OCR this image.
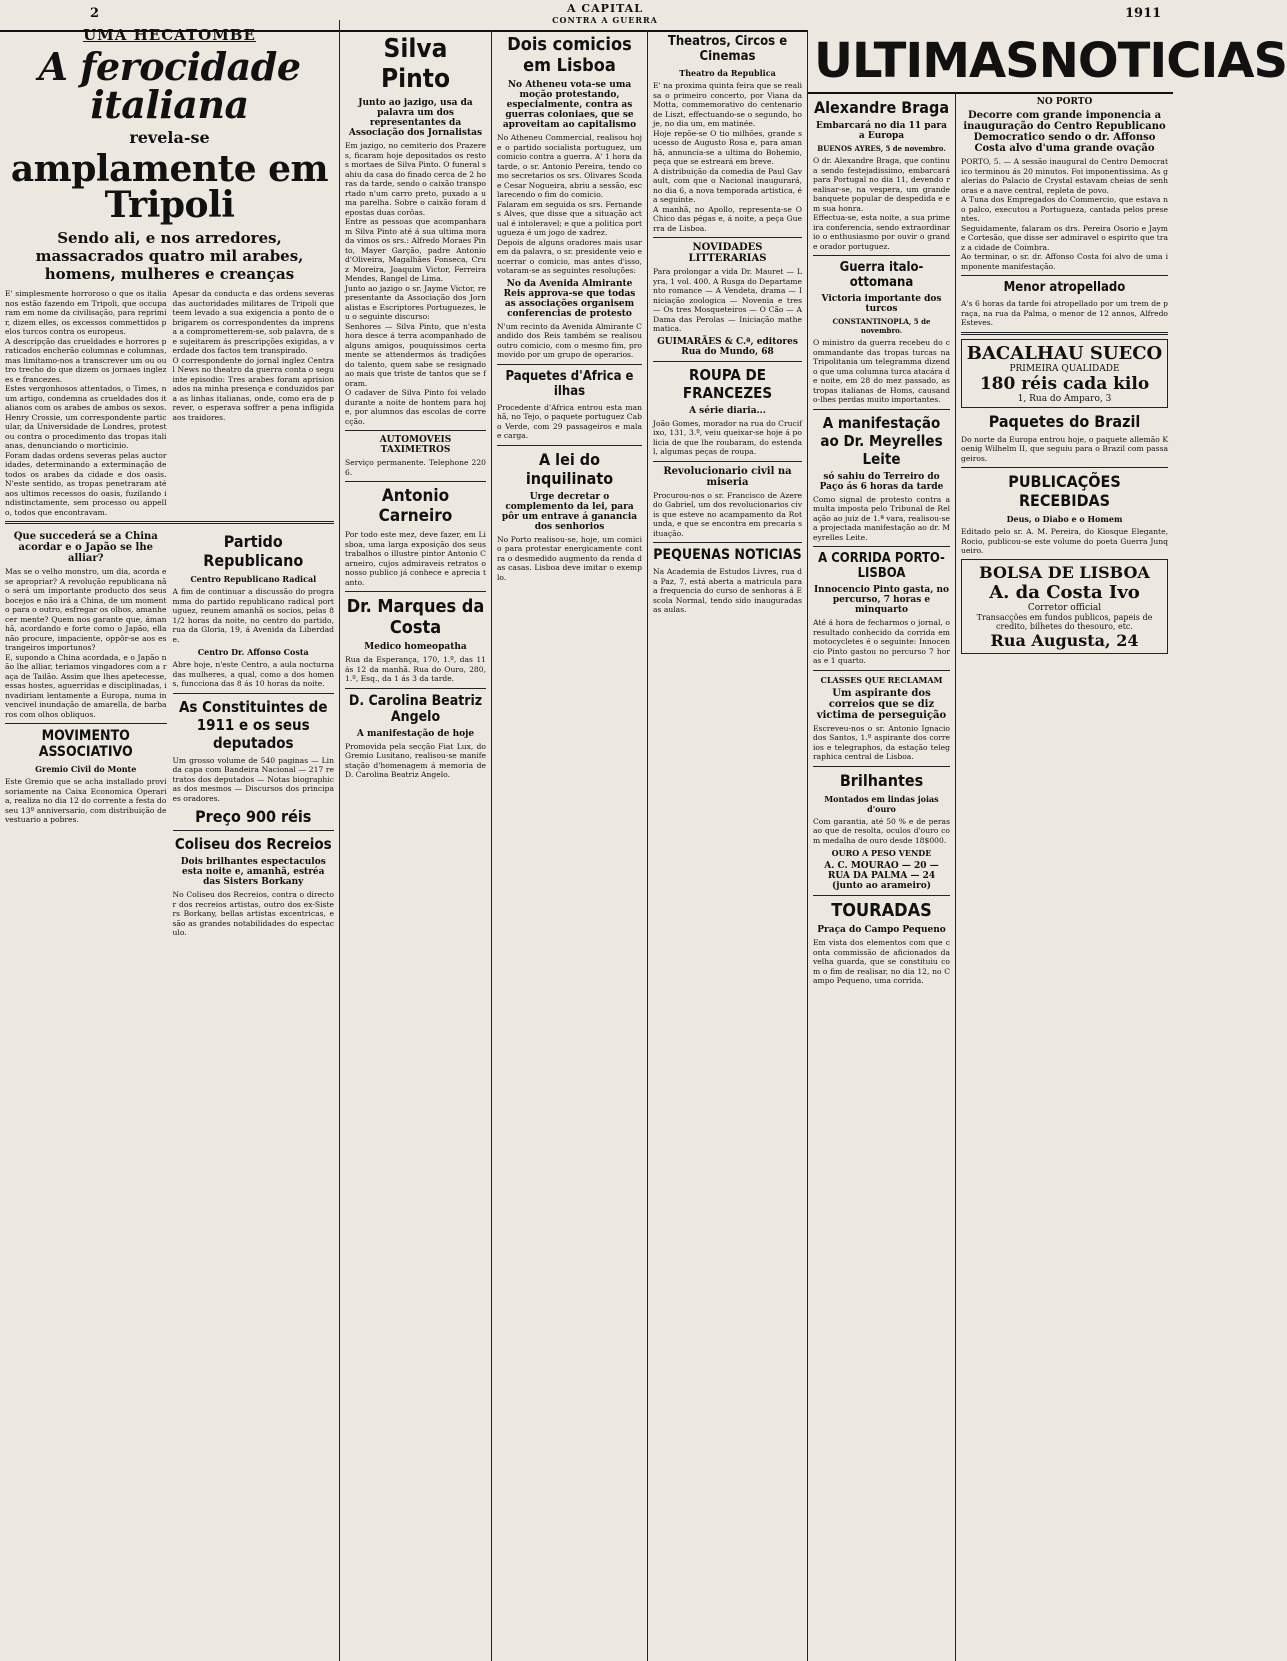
2	A CAPITAL
CONTRA A GUERRA	1911
UMA HECATOMBE
A ferocidade italiana
revela-se
amplamente em Tripoli
Sendo ali, e nos arredores, massacrados quatro mil arabes, homens, mulheres e creanças

E' simplesmente horroroso o que os italianos estão fazendo em Tripoli, que occuparam em nome da civilisação, para reprimir, dizem elles, os excessos commettidos pelos turcos contra os europeus.

A descripção das crueldades e horrores praticados encherão columnas e columnas, mas limitamo-nos a transcrever um ou outro trecho do que dizem os jornaes inglezes e francezes.

Estes vergonhosos attentados, o Times, num artigo, condemna as crueldades dos italianos com os arabes de ambos os sexos. Henry Crossie, um correspondente particular, da Universidade de Londres, protestou contra o procedimento das tropas italianas, denunciando o morticinio.

Foram dadas ordens severas pelas auctoridades, determinando a exterminação de todos os arabes da cidade e dos oasis. N'este sentido, as tropas penetraram até aos ultimos recessos do oasis, fuzilando indistinctamente, sem processo ou appello, todos que encontravam.

Apesar da conducta e das ordens severas das auctoridades militares de Tripoli que teem levado a sua exigencia a ponto de obrigarem os correspondentes da imprensa a comprometterem-se, sob palavra, de se sujeitarem ás prescripções exigidas, a verdade dos factos tem transpirado.

O correspondente do jornal inglez Central News no theatro da guerra conta o seguinte episodio: Tres arabes foram aprisionados na minha presença e conduzidos para as linhas italianas, onde, como era de prever, o esperava soffrer a pena infligida aos traidores.

Que succederá se a China acordar e o Japão se lhe alliar?

Mas se o velho monstro, um dia, acorda e se apropriar? A revolução republicana não será um importante producto dos seus bocejos e não irá a China, de um momento para o outro, esfregar os olhos, amanhecer mente? Quem nos garante que, ámanhã, acordando e forte como o Japão, ella não procure, impaciente, oppôr-se aos estrangeiros importunos?

E, supondo a China acordada, e o Japão não lhe alliar, teriamos vingadores com a raça de Tailão. Assim que lhes apetecesse, essas hostes, aguerridas e disciplinadas, invadiriam lentamente a Europa, numa invencivel inundação de amarella, de barbaros com olhos obliquos.

MOVIMENTO ASSOCIATIVO
Gremio Civil do Monte

Este Gremio que se acha installado provisoriamente na Caixa Economica Operaria, realiza no dia 12 do corrente a festa do seu 13º anniversario, com distribuição de vestuario a pobres.

Partido Republicano
Centro Republicano Radical

A fim de continuar a discussão do programma do partido republicano radical portuguez, reunem amanhã os socios, pelas 8 1/2 horas da noite, no centro do partido, rua da Gloria, 19, á Avenida da Liberdade.

Centro Dr. Affonso Costa

Abre hoje, n'este Centro, a aula nocturna das mulheres, a qual, como a dos homens, funcciona das 8 ás 10 horas da noite.

As Constituintes de 1911 e os seus deputados

Um grosso volume de 540 paginas — Linda capa com Bandeira Nacional — 217 retratos dos deputados — Notas biographicas dos mesmos — Discursos dos principaes oradores.

Preço 900 réis
Coliseu dos Recreios
Dois brilhantes espectaculos esta noite e, amanhã, estréa das Sisters Borkany

No Coliseu dos Recreios, contra o director dos recreios artistas, outro dos ex-Sisters Borkany, bellas artistas excentricas, e são as grandes notabilidades do espectaculo.

Silva Pinto
Junto ao jazigo, usa da palavra um dos representantes da Associação dos Jornalistas

Em jazigo, no cemiterio dos Prazeres, ficaram hoje depositados os restos mortaes de Silva Pinto. O funeral sahiu da casa do finado cerca de 2 horas da tarde, sendo o caixão transportado n'um carro preto, puxado a uma parelha. Sobre o caixão foram depostas duas corôas.

Entre as pessoas que acompanharam Silva Pinto até á sua ultima morada vimos os srs.: Alfredo Moraes Pinto, Mayer Garção, padre Antonio d'Oliveira, Magalhães Fonseca, Cruz Moreira, Joaquim Victor, Ferreira Mendes, Rangel de Lima.

Junto ao jazigo o sr. Jayme Victor, representante da Associação dos Jornalistas e Escriptores Portuguezes, leu o seguinte discurso:

Senhores — Silva Pinto, que n'esta hora desce á terra acompanhado de alguns amigos, pouquissimos certamente se attendermos ás tradições do talento, quem sabe se resignado ao mais que triste de tantos que se foram.

O cadaver de Silva Pinto foi velado durante a noite de hontem para hoje, por alumnos das escolas de correcção.

AUTOMOVEIS TAXIMETROS

Serviço permanente. Telephone 2206.

Antonio Carneiro

Por todo este mez, deve fazer, em Lisboa, uma larga exposição dos seus trabalhos o illustre pintor Antonio Carneiro, cujos admiraveis retratos o nosso publico já conhece e aprecia tanto.

Dr. Marques da Costa
Medico homeopatha

Rua da Esperança, 170, 1.º, das 11 ás 12 da manhã. Rua do Ouro, 280, 1.º, Esq., da 1 ás 3 da tarde.

D. Carolina Beatriz Angelo
A manifestação de hoje

Promovida pela secção Fiat Lux, do Gremio Lusitano, realisou-se manifestação d'homenagem á memoria de D. Carolina Beatriz Angelo.

Dois comicios em Lisboa
No Atheneu vota-se uma moção protestando, especialmente, contra as guerras coloniaes, que se aproveitam ao capitalismo

No Atheneu Commercial, realisou hoje o partido socialista portuguez, um comicio contra a guerra. A' 1 hora da tarde, o sr. Antonio Pereira, tendo como secretarios os srs. Olivares Scoda e Cesar Nogueira, abriu a sessão, esclarecendo o fim do comicio.

Falaram em seguida os srs. Fernandes Alves, que disse que a situação actual é intoleravel; e que a politica portugueza é um jogo de xadrez.

Depois de alguns oradores mais usarem da palavra, o sr. presidente veio encerrar o comicio, mas antes d'isso, votaram-se as seguintes resoluções:

No da Avenida Almirante Reis approva-se que todas as associações organisem conferencias de protesto

N'um recinto da Avenida Almirante Candido dos Reis também se realisou outro comicio, com o mesmo fim, promovido por um grupo de operarios.

Paquetes d'Africa e ilhas

Procedente d'Africa entrou esta manhã, no Tejo, o paquete portuguez Cabo Verde, com 29 passageiros e mala e carga.

A lei do inquilinato
Urge decretar o complemento da lei, para pôr um entrave á ganancia dos senhorios

No Porto realisou-se, hoje, um comicio para protestar energicamente contra o desmedido augmento da renda das casas. Lisboa deve imitar o exemplo.

Theatros, Circos e Cinemas
Theatro da Republica

E' na proxima quinta feira que se realisa o primeiro concerto, por Viana da Motta, commemorativo do centenario de Liszt, effectuando-se o segundo, hoje, no dia um, em matinée.

Hoje repõe-se O tio milhões, grande sucesso de Augusto Rosa e, para amanhã, annuncia-se a ultima do Bohemio, peça que se estreará em breve.

A distribuição da comedia de Paul Gavault, com que o Nacional inaugurará, no dia 6, a nova temporada artistica, é a seguinte.

A manhã, no Apollo, representa-se O Chico das pégas e, á noite, a peça Guerra de Lisboa.

NOVIDADES LITTERARIAS

Para prolongar a vida Dr. Mauret — Lyra, 1 vol. 400. A Rusga do Departamento romance — A Vendeta, drama — Iniciação zoologica — Novenia e tres — Os tres Mosqueteiros — O Cão — A Dama das Perolas — Iniciação mathematica.

GUIMARÃES & C.ª, editores Rua do Mundo, 68
ROUPA DE FRANCEZES
A série diaria...

João Gomes, morador na rua do Crucifixo, 131, 3.º, veiu queixar-se hoje á policia de que lhe roubaram, do estendal, algumas peças de roupa.

Revolucionario civil na miseria

Procurou-nos o sr. Francisco de Azeredo Gabriel, um dos revolucionarios civis que esteve no acampamento da Rotunda, e que se encontra em precaria situação.

PEQUENAS NOTICIAS

Na Academia de Estudos Livres, rua da Paz, 7, está aberta a matricula para a frequencia do curso de senhoras á Escola Normal, tendo sido inauguradas as aulas.

ULTIMAS NOTICIAS
Alexandre Braga
Embarcará no dia 11 para a Europa
BUENOS AYRES, 5 de novembro.

O dr. Alexandre Braga, que continua sendo festejadissimo, embarcará para Portugal no dia 11, devendo realisar-se, na vespera, um grande banquete popular de despedida e em sua honra.

Effectua-se, esta noite, a sua primeira conferencia, sendo extraordinario o enthusiasmo por ouvir o grande orador portuguez.

Guerra italo-ottomana
Victoria importante dos turcos
CONSTANTINOPLA, 5 de novembro.

O ministro da guerra recebeu do commandante das tropas turcas na Tripolitania um telegramma dizendo que uma columna turca atacára de noite, em 28 do mez passado, as tropas italianas de Homs, causando-lhes perdas muito importantes.

A manifestação ao Dr. Meyrelles Leite
só sahiu do Terreiro do Paço ás 6 horas da tarde

Como signal de protesto contra a multa imposta pelo Tribunal de Relação ao juiz de 1.ª vara, realisou-se a projectada manifestação ao dr. Meyrelles Leite.

A CORRIDA PORTO-LISBOA
Innocencio Pinto gasta, no percurso, 7 horas e minquarto

Até á hora de fecharmos o jornal, o resultado conhecido da corrida em motocycletes é o seguinte: Innocencio Pinto gastou no percurso 7 horas e 1 quarto.

CLASSES QUE RECLAMAM
Um aspirante dos correios que se diz victima de perseguição

Escreveu-nos o sr. Antonio Ignacio dos Santos, 1.º aspirante dos correios e telegraphos, da estação telegraphica central de Lisboa.

Brilhantes
Montados em lindas joias d'ouro

Com garantia, até 50 % e de peras ao que de resolta, oculos d'ouro com medalha de ouro desde 18$000.

OURO A PESO VENDE
A. C. MOURAO — 20 — RUA DA PALMA — 24 (junto ao arameiro)
TOURADAS
Praça do Campo Pequeno

Em vista dos elementos com que conta commissão de aficionados da velha guarda, que se constituiu com o fim de realisar, no dia 12, no Campo Pequeno, uma corrida.

NO PORTO
Decorre com grande imponencia a inauguração do Centro Republicano Democratico sendo o dr. Affonso Costa alvo d'uma grande ovação

PORTO, 5. — A sessão inaugural do Centro Democratico terminou ás 20 minutos. Foi imponentissima. As galerias do Palacio de Crystal estavam cheias de senhoras e a nave central, repleta de povo.

A Tuna dos Empregados do Commercio, que estava no palco, executou a Portugueza, cantada pelos presentes.

Seguidamente, falaram os drs. Pereira Osorio e Jayme Cortesão, que disse ser admiravel o espirito que traz a cidade de Coimbra.

Ao terminar, o sr. dr. Affonso Costa foi alvo de uma imponente manifestação.

Menor atropellado

A's 6 horas da tarde foi atropellado por um trem de praça, na rua da Palma, o menor de 12 annos, Alfredo Esteves.

BACALHAU SUECO
PRIMEIRA QUALIDADE
180 réis cada kilo
1, Rua do Amparo, 3
Paquetes do Brazil

Do norte da Europa entrou hoje, o paquete allemão Koenig Wilhelm II, que seguiu para o Brazil com passageiros.

PUBLICAÇÕES RECEBIDAS
Deus, o Diabo e o Homem

Editado pelo sr. A. M. Pereira, do Kiosque Elegante, Rocio, publicou-se este volume do poeta Guerra Junqueiro.

BOLSA DE LISBOA
A. da Costa Ivo
Corretor official
Transacções em fundos publicos, papeis de credito, bilhetes do thesouro, etc.
Rua Augusta, 24
